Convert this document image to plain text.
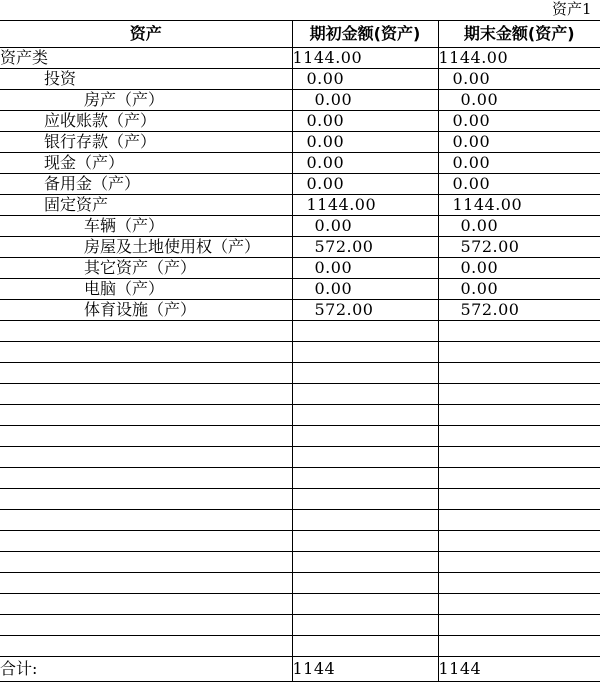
资产1
资产	期初金额(资产)	期末金额(资产)
资产类	1144.00	1144.00
投资	0.00	0.00
房产（产）	0.00	0.00
应收账款（产）	0.00	0.00
银行存款（产）	0.00	0.00
现金（产）	0.00	0.00
备用金（产）	0.00	0.00
固定资产	1144.00	1144.00
车辆（产）	0.00	0.00
房屋及土地使用权（产）	572.00	572.00
其它资产（产）	0.00	0.00
电脑（产）	0.00	0.00
体育设施（产）	572.00	572.00

合计:	1144	1144
